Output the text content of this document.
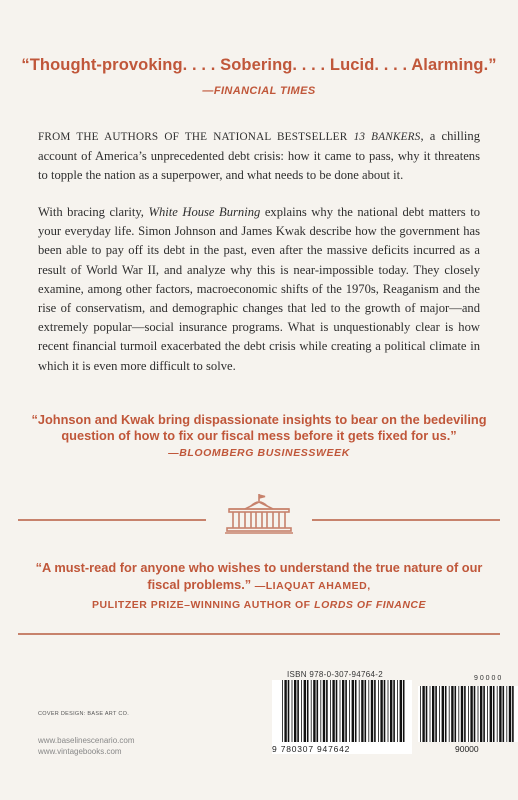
“Thought-provoking. . . . Sobering. . . . Lucid. . . . Alarming.”
—FINANCIAL TIMES
FROM THE AUTHORS OF THE NATIONAL BESTSELLER 13 BANKERS, a chilling account of America’s unprecedented debt crisis: how it came to pass, why it threatens to topple the nation as a superpower, and what needs to be done about it.
With bracing clarity, White House Burning explains why the national debt matters to your everyday life. Simon Johnson and James Kwak describe how the government has been able to pay off its debt in the past, even after the massive deficits incurred as a result of World War II, and analyze why this is near-impossible today. They closely examine, among other factors, macroeconomic shifts of the 1970s, Reaganism and the rise of conservatism, and demographic changes that led to the growth of major—and extremely popular—social insurance programs. What is unquestionably clear is how recent financial turmoil exacerbated the debt crisis while creating a political climate in which it is even more difficult to solve.
“Johnson and Kwak bring dispassionate insights to bear on the bedeviling question of how to fix our fiscal mess before it gets fixed for us.”
—BLOOMBERG BUSINESSWEEK
“A must-read for anyone who wishes to understand the true nature of our fiscal problems.” —LIAQUAT AHAMED,
PULITZER PRIZE–WINNING AUTHOR OF LORDS OF FINANCE
COVER DESIGN: BASE ART CO.
www.baselinescenario.com
www.vintagebooks.com
ISBN 978-0-307-94764-2
9 780307 947642
9 0 0 0 0
90000
